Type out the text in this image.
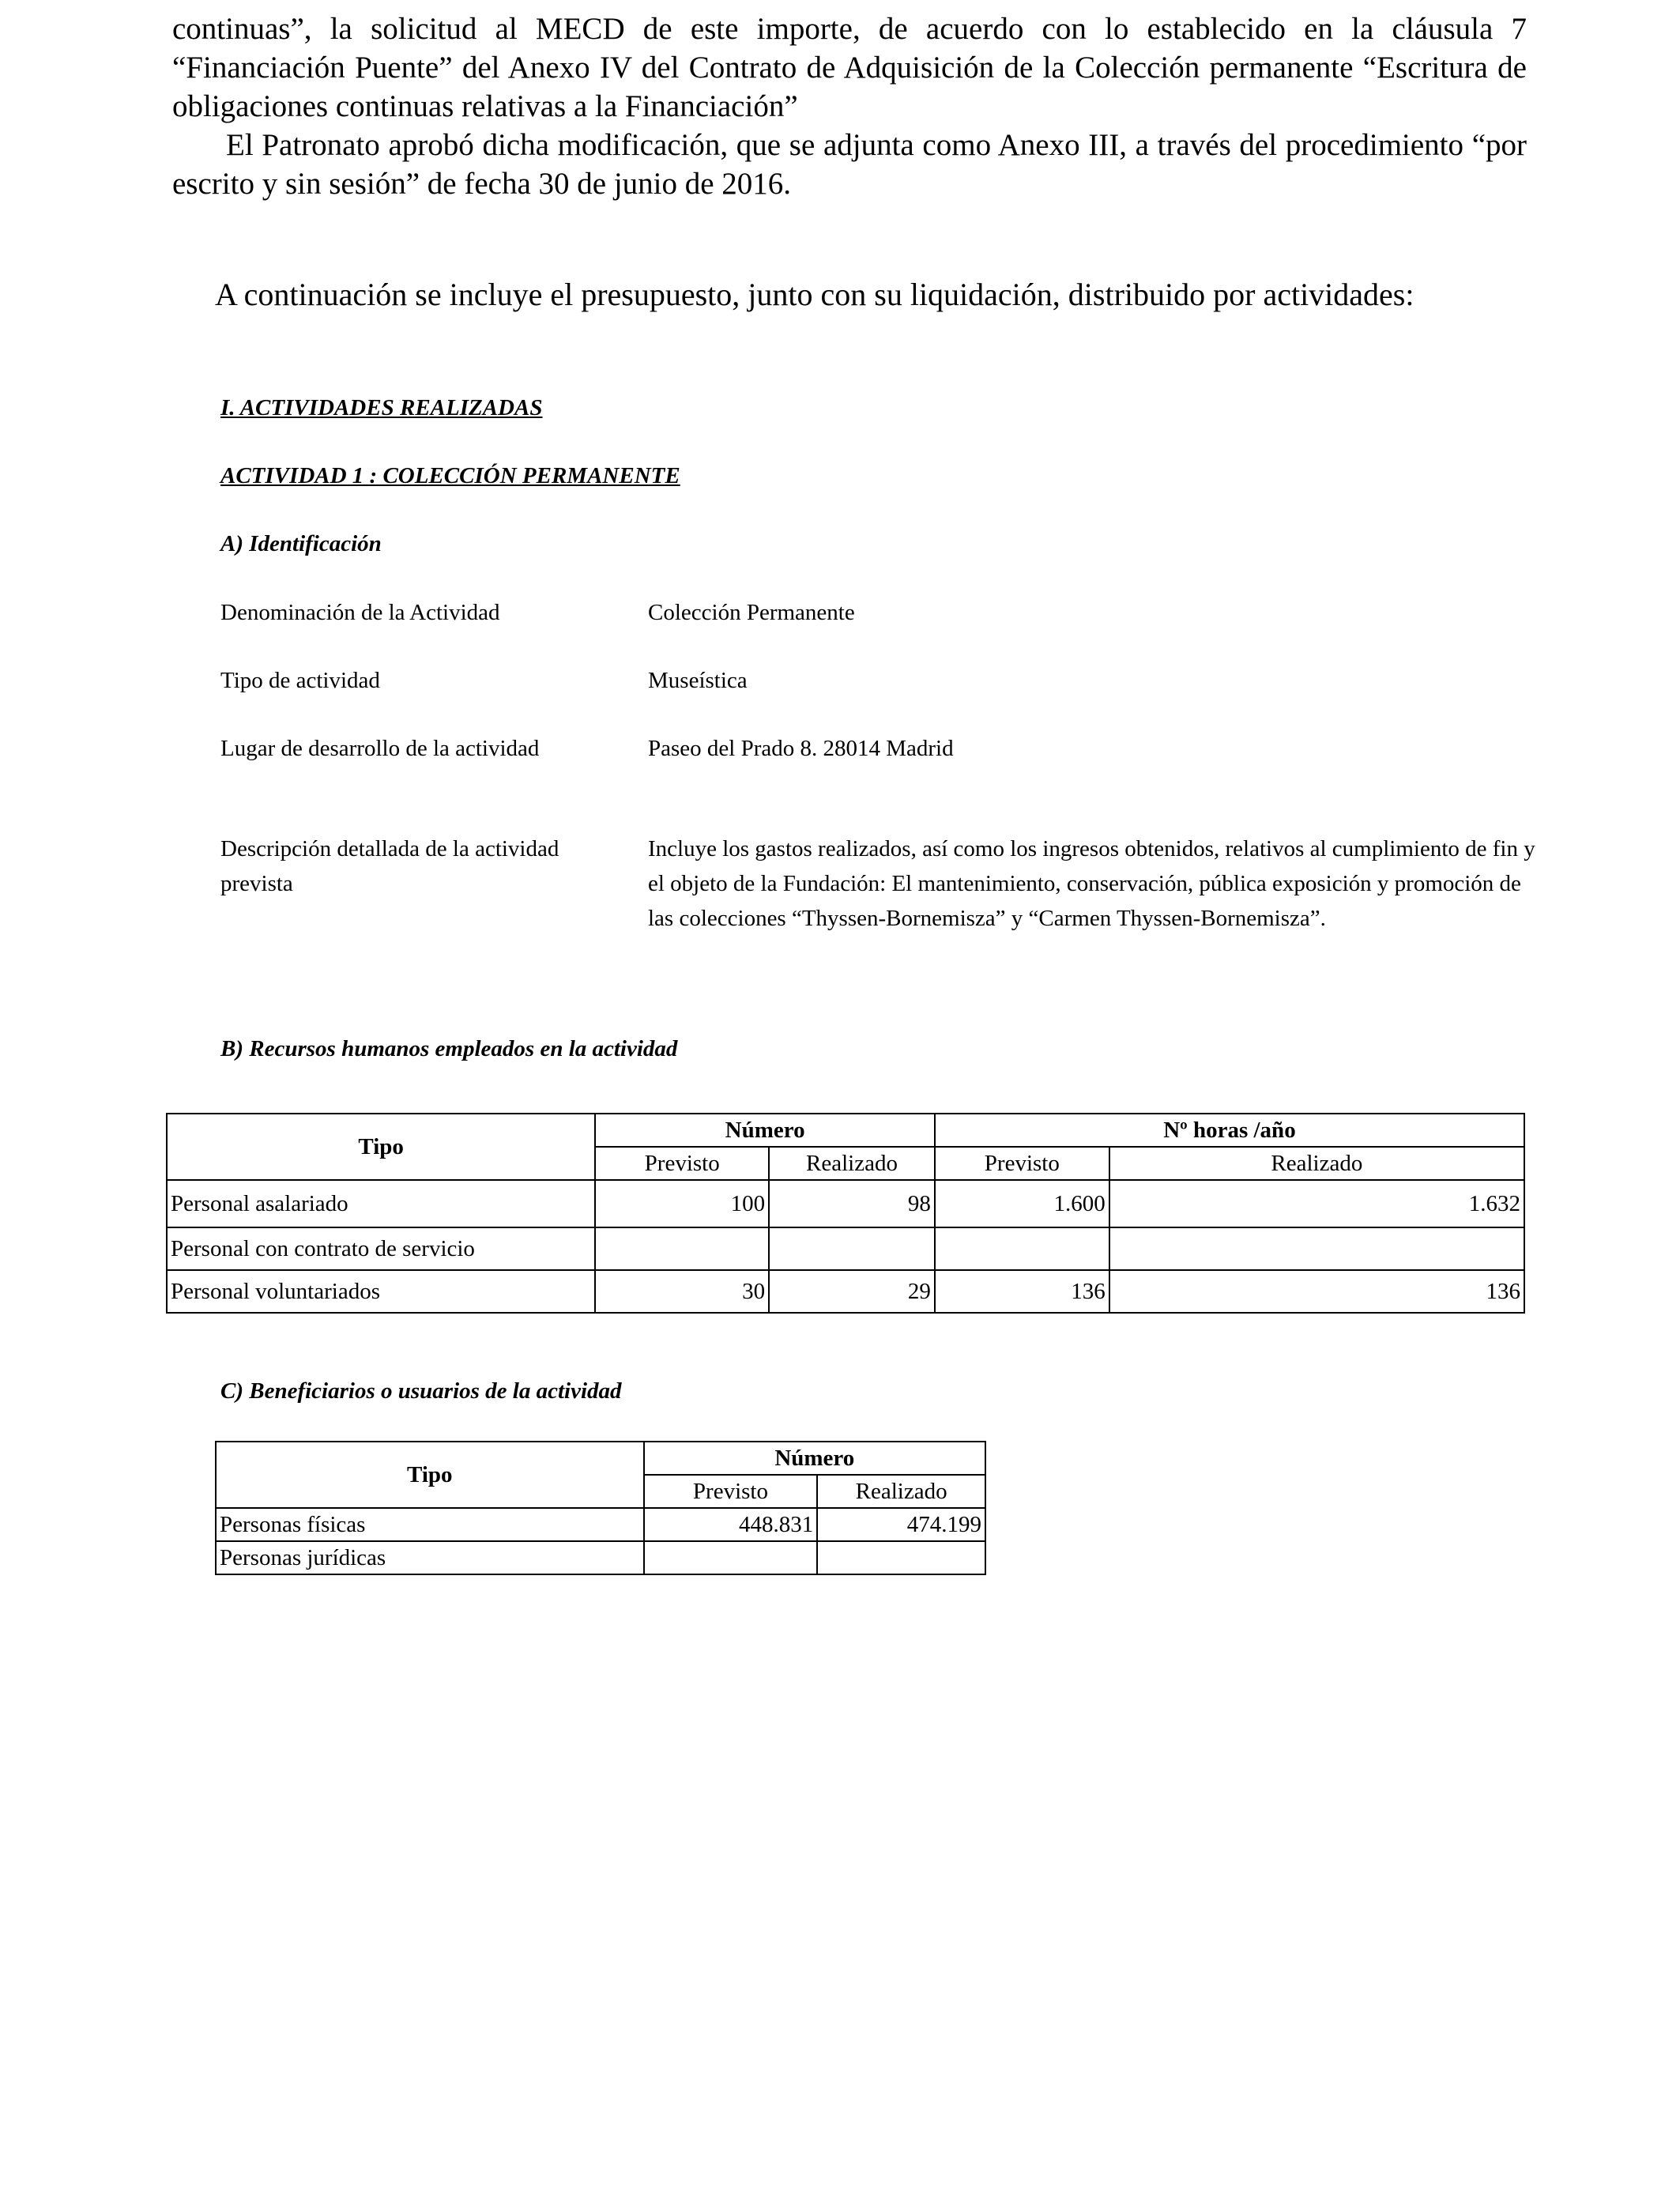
continuas”, la solicitud al MECD de este importe, de acuerdo con lo establecido en la cláusula 7 “Financiación Puente” del Anexo IV del Contrato de Adquisición de la Colección permanente “Escritura de obligaciones continuas relativas a la Financiación”
El Patronato aprobó dicha modificación, que se adjunta como Anexo III, a través del procedimiento “por escrito y sin sesión” de fecha 30 de junio de 2016.
A continuación se incluye el presupuesto, junto con su liquidación, distribuido por actividades:
I. ACTIVIDADES REALIZADAS
ACTIVIDAD 1 : COLECCIÓN PERMANENTE
A) Identificación
Denominación de la Actividad	Colección Permanente
Tipo de actividad	Museística
Lugar de desarrollo de la actividad	Paseo del Prado 8. 28014 Madrid
Descripción detallada de la actividad prevista
Incluye los gastos realizados, así como los ingresos obtenidos, relativos al cumplimiento de fin y el objeto de la Fundación: El mantenimiento, conservación, pública exposición y promoción de las colecciones “Thyssen-Bornemisza” y “Carmen Thyssen-Bornemisza”.
B) Recursos humanos empleados en la actividad
Tipo	Número		Nº horas /año	
	Previsto	Realizado	Previsto	Realizado
Personal asalariado	100	98	1.600	1.632
Personal con contrato de servicio				
Personal voluntariados	30	29	136	136
C) Beneficiarios o usuarios de la actividad
Tipo	Número	
	Previsto	Realizado
Personas físicas	448.831	474.199
Personas jurídicas		
